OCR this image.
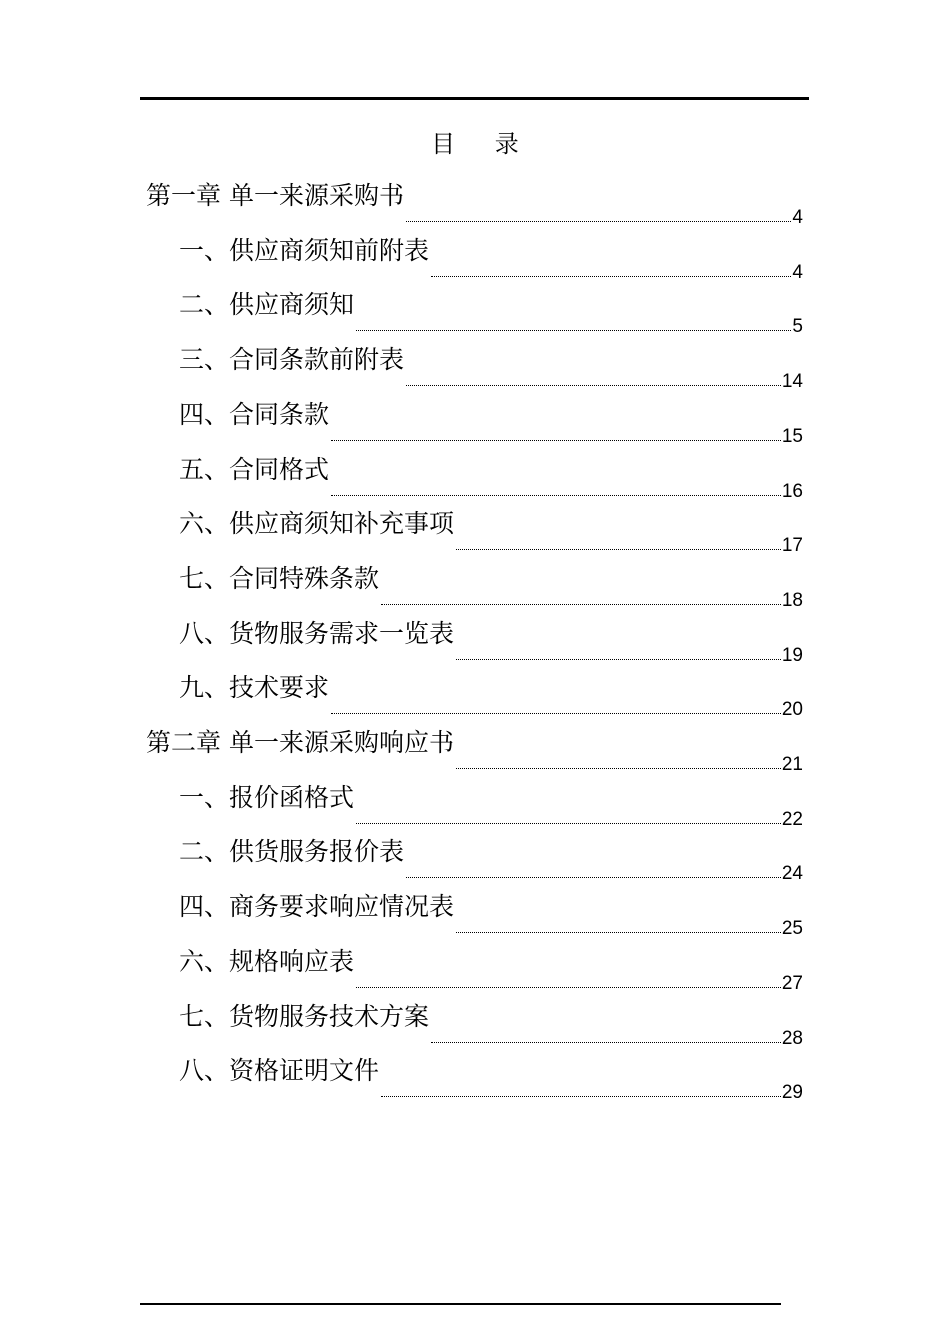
目 录
第一章 单一来源采购书
4
一、供应商须知前附表
4
二、供应商须知
5
三、合同条款前附表
14
四、合同条款
15
五、合同格式
16
六、供应商须知补充事项
17
七、合同特殊条款
18
八、货物服务需求一览表
19
九、技术要求
20
第二章 单一来源采购响应书
21
一、报价函格式
22
二、供货服务报价表
24
四、商务要求响应情况表
25
六、规格响应表
27
七、货物服务技术方案
28
八、资格证明文件
29
